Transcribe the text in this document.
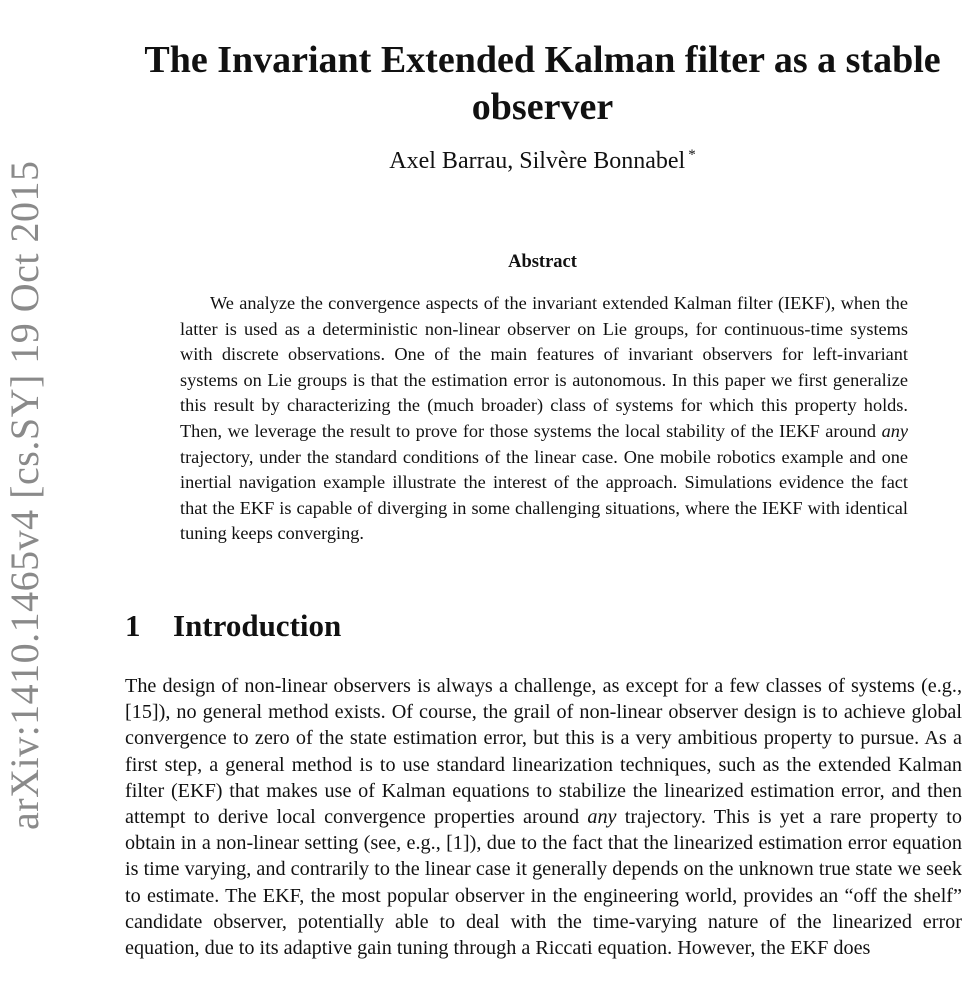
arXiv:1410.1465v4 [cs.SY] 19 Oct 2015
The Invariant Extended Kalman filter as a stable observer
Axel Barrau, Silvère Bonnabel *
Abstract

We analyze the convergence aspects of the invariant extended Kalman filter (IEKF), when the latter is used as a deterministic non-linear observer on Lie groups, for continuous-time systems with discrete observations. One of the main features of invariant observers for left-invariant systems on Lie groups is that the estimation error is autonomous. In this paper we first generalize this result by characterizing the (much broader) class of systems for which this property holds. Then, we leverage the result to prove for those systems the local stability of the IEKF around any trajectory, under the standard conditions of the linear case. One mobile robotics example and one inertial navigation example illustrate the interest of the approach. Simulations evidence the fact that the EKF is capable of diverging in some challenging situations, where the IEKF with identical tuning keeps converging.

1 Introduction

The design of non-linear observers is always a challenge, as except for a few classes of systems (e.g., [15]), no general method exists. Of course, the grail of non-linear observer design is to achieve global convergence to zero of the state estimation error, but this is a very ambitious property to pursue. As a first step, a general method is to use standard linearization techniques, such as the extended Kalman filter (EKF) that makes use of Kalman equations to stabilize the linearized estimation error, and then attempt to derive local convergence properties around any trajectory. This is yet a rare property to obtain in a non-linear setting (see, e.g., [1]), due to the fact that the linearized estimation error equation is time varying, and contrarily to the linear case it generally depends on the unknown true state we seek to estimate. The EKF, the most popular observer in the engineering world, provides an “off the shelf” candidate observer, potentially able to deal with the time-varying nature of the linearized error equation, due to its adaptive gain tuning through a Riccati equation. However, the EKF does
